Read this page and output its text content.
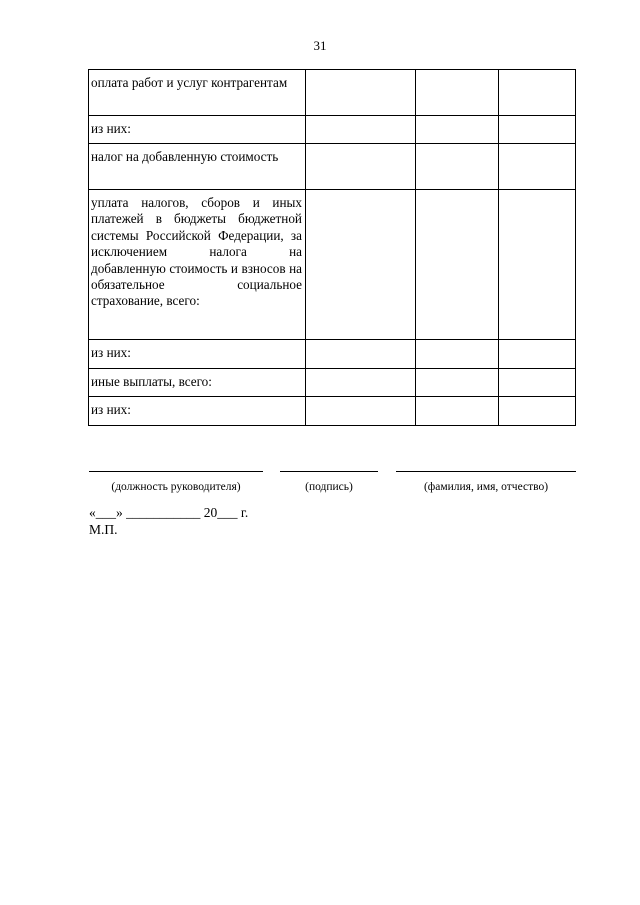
31
оплата работ и услуг контрагентам			
из них:			
налог на добавленную стоимость			
уплата налогов, сборов и иных платежей в бюджеты бюджетной системы Российской Федерации, за исключением налога на добавленную стоимость и взносов на обязательное социальное страхование, всего:			
из них:			
иные выплаты, всего:			
из них:			
(должность руководителя)	(подпись)	(фамилия, имя, отчество)
«___» ___________ 20___ г.
М.П.
